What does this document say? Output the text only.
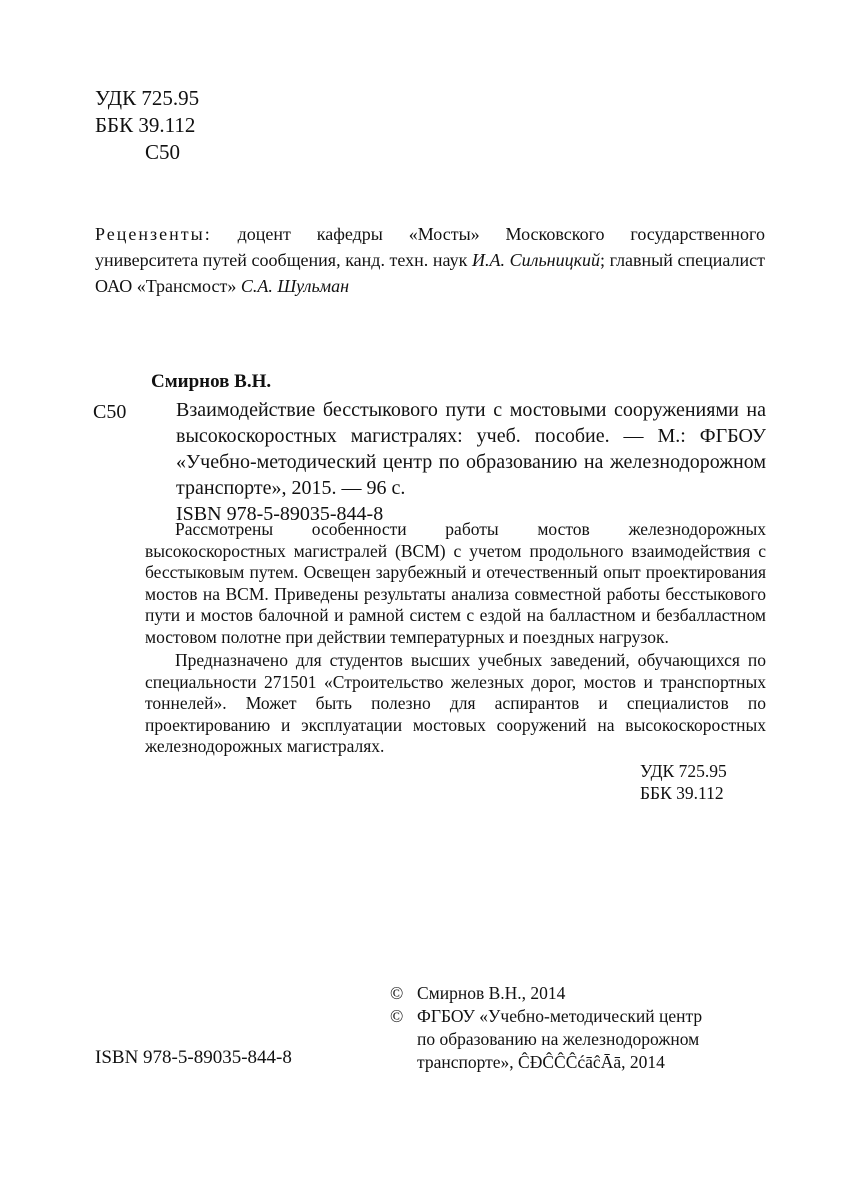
УДК 725.95
ББК 39.112
С50

Рецензенты: доцент кафедры «Мосты» Московского государственного университета путей сообщения, канд. техн. наук И.А. Сильницкий; главный специалист ОАО «Трансмост» С.А. Шульман

Смирнов В.Н.
С50 Взаимодействие бесстыкового пути с мостовыми сооружениями на высокоскоростных магистралях: учеб. пособие. — М.: ФГБОУ «Учебно-методический центр по образованию на железнодорожном транспорте», 2015. — 96 с.
ISBN 978-5-89035-844-8

Рассмотрены особенности работы мостов железнодорожных высокоскоростных магистралей (ВСМ) с учетом продольного взаимодействия с бесстыковым путем. Освещен зарубежный и отечественный опыт проектирования мостов на ВСМ. Приведены результаты анализа совместной работы бесстыкового пути и мостов балочной и рамной систем с ездой на балластном и безбалластном мостовом полотне при действии температурных и поездных нагрузок.

Предназначено для студентов высших учебных заведений, обучающихся по специальности 271501 «Строительство железных дорог, мостов и транспортных тоннелей». Может быть полезно для аспирантов и специалистов по проектированию и эксплуатации мостовых сооружений на высокоскоростных железнодорожных магистралях.

УДК 725.95
ББК 39.112
ISBN 978-5-89035-844-8
© Смирнов В.Н., 2014
© ФГБОУ «Учебно-методический центр
по образованию на железнодорожном
транспорте», ĈĐĈĈĈćāĉĀā, 2014
